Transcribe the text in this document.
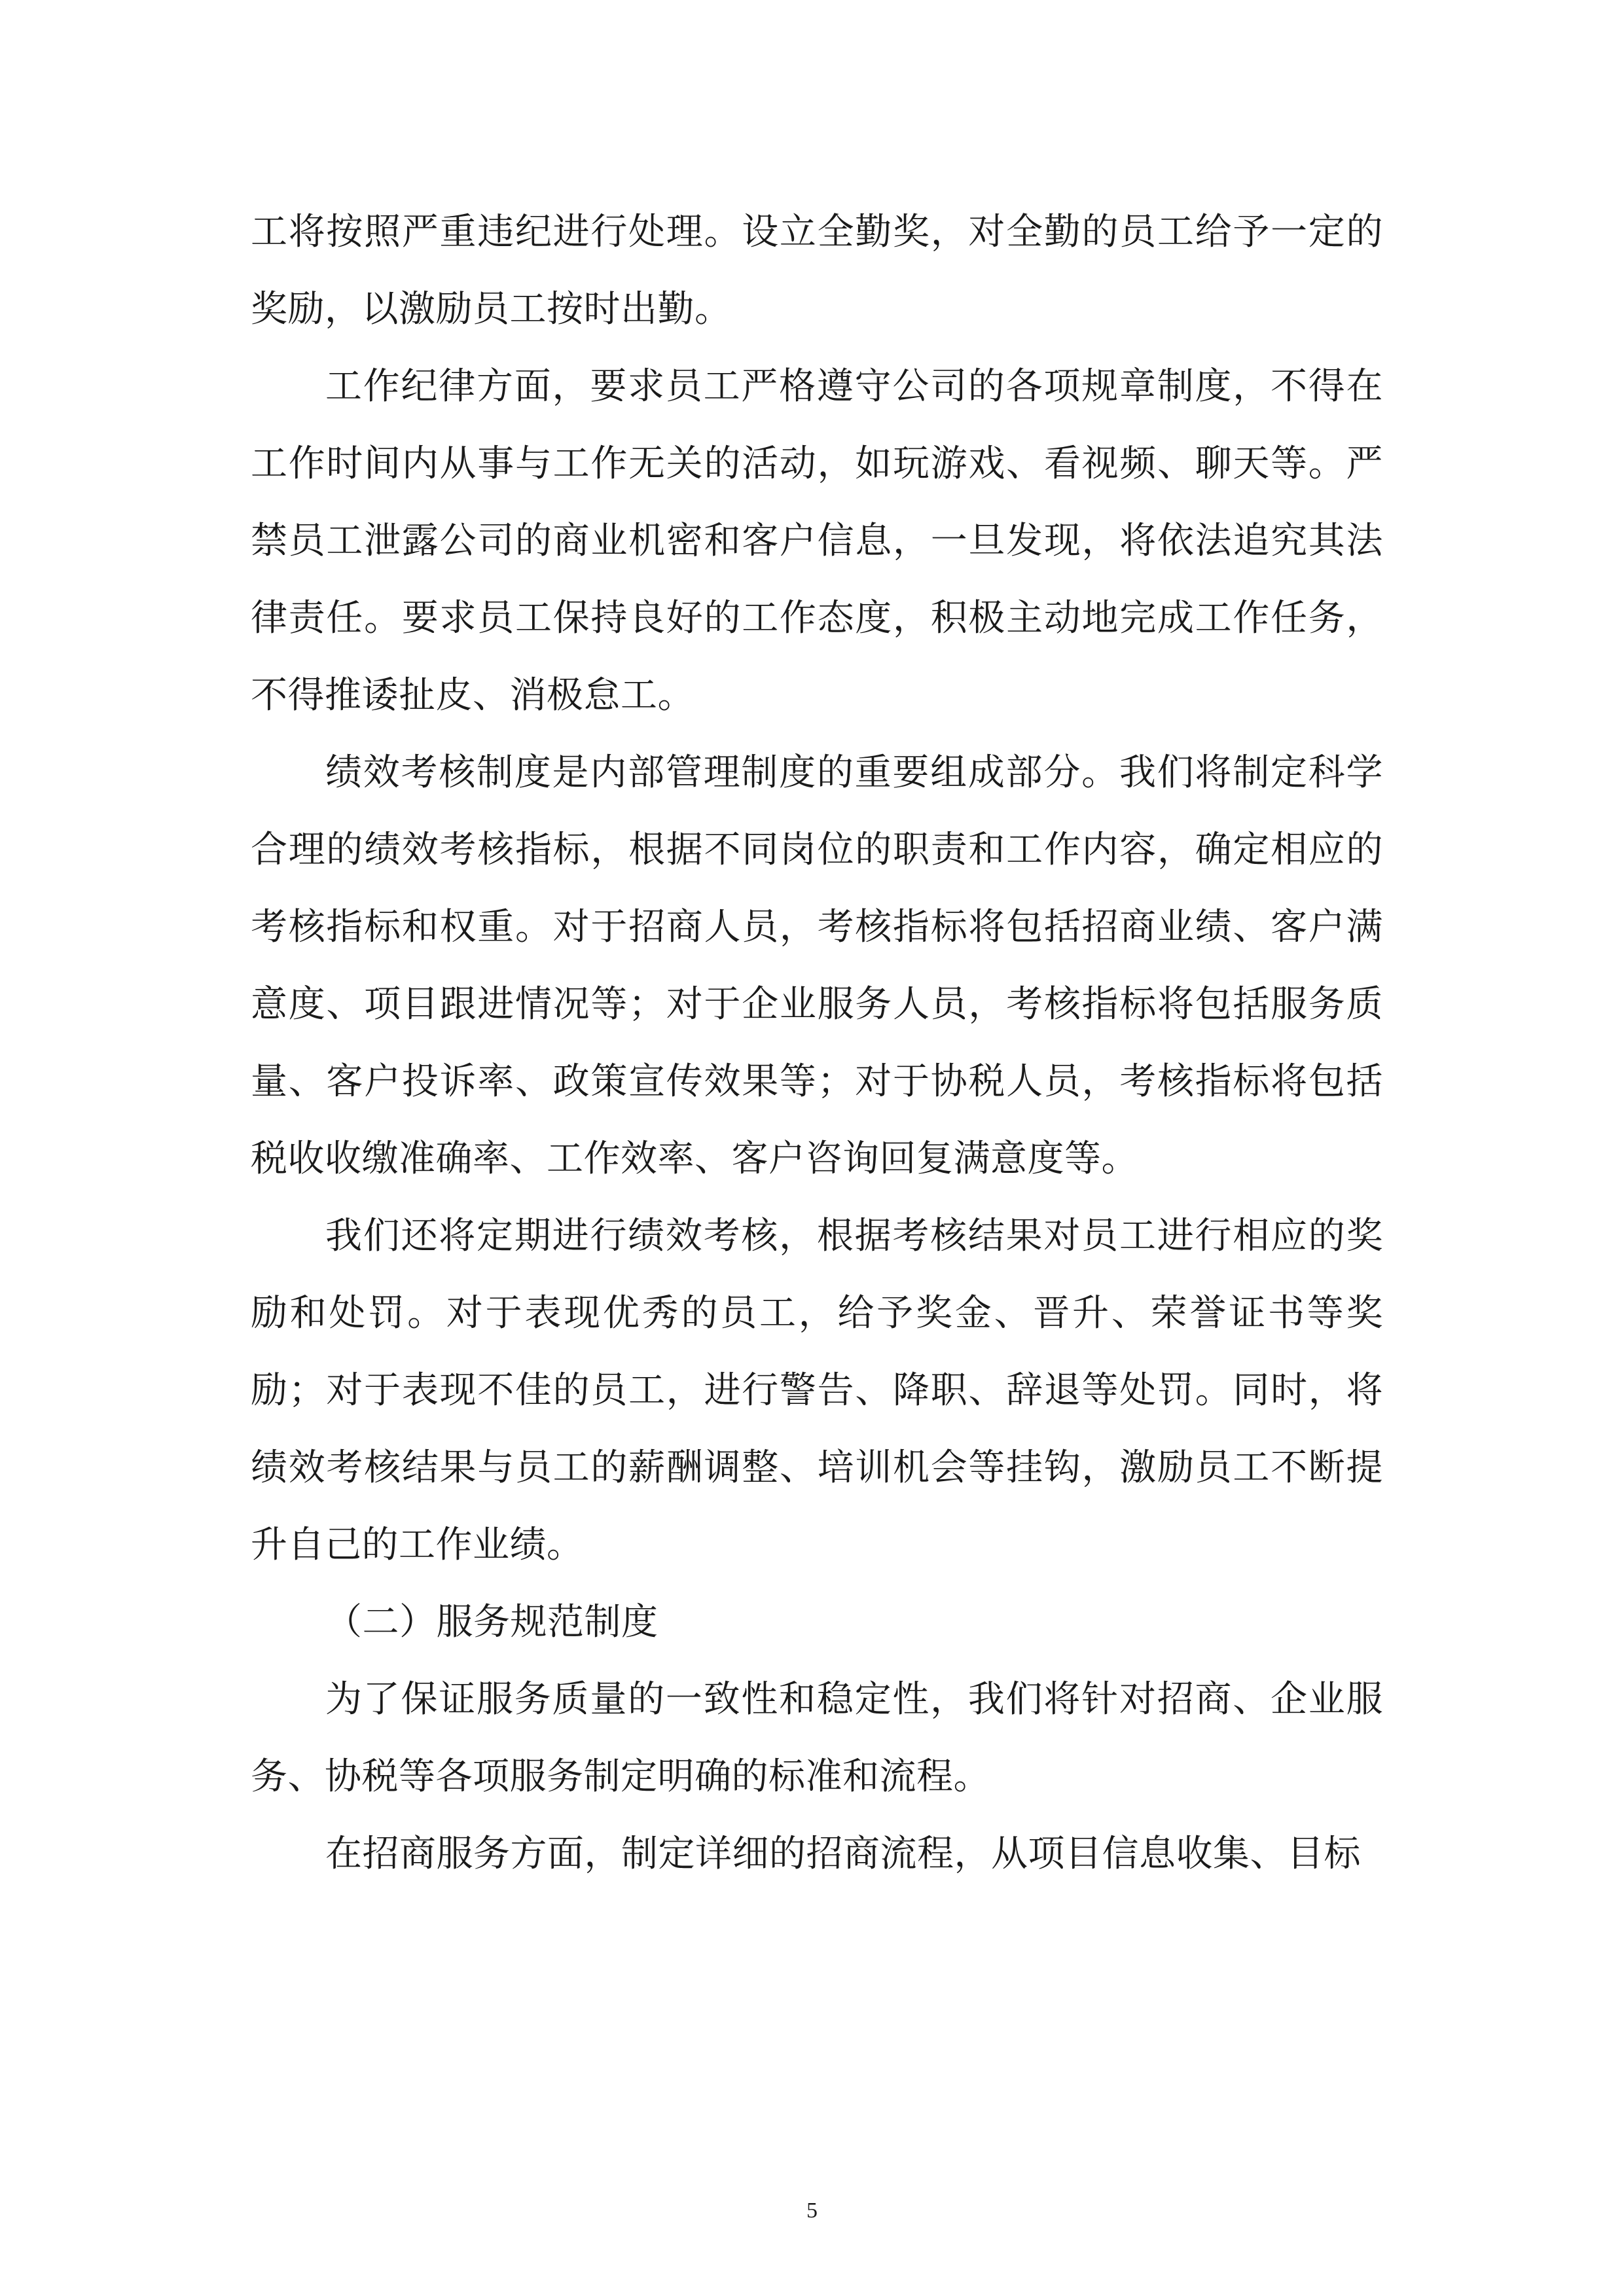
工将按照严重违纪进行处理。设立全勤奖，对全勤的员工给予一定的奖励，以激励员工按时出勤。

工作纪律方面，要求员工严格遵守公司的各项规章制度，不得在工作时间内从事与工作无关的活动，如玩游戏、看视频、聊天等。严禁员工泄露公司的商业机密和客户信息，一旦发现，将依法追究其法律责任。要求员工保持良好的工作态度，积极主动地完成工作任务，不得推诿扯皮、消极怠工。

绩效考核制度是内部管理制度的重要组成部分。我们将制定科学合理的绩效考核指标，根据不同岗位的职责和工作内容，确定相应的考核指标和权重。对于招商人员，考核指标将包括招商业绩、客户满意度、项目跟进情况等；对于企业服务人员，考核指标将包括服务质量、客户投诉率、政策宣传效果等；对于协税人员，考核指标将包括税收收缴准确率、工作效率、客户咨询回复满意度等。

我们还将定期进行绩效考核，根据考核结果对员工进行相应的奖励和处罚。对于表现优秀的员工，给予奖金、晋升、荣誉证书等奖励；对于表现不佳的员工，进行警告、降职、辞退等处罚。同时，将绩效考核结果与员工的薪酬调整、培训机会等挂钩，激励员工不断提升自己的工作业绩。

（二）服务规范制度

为了保证服务质量的一致性和稳定性，我们将针对招商、企业服务、协税等各项服务制定明确的标准和流程。

在招商服务方面，制定详细的招商流程，从项目信息收集、目标

5
